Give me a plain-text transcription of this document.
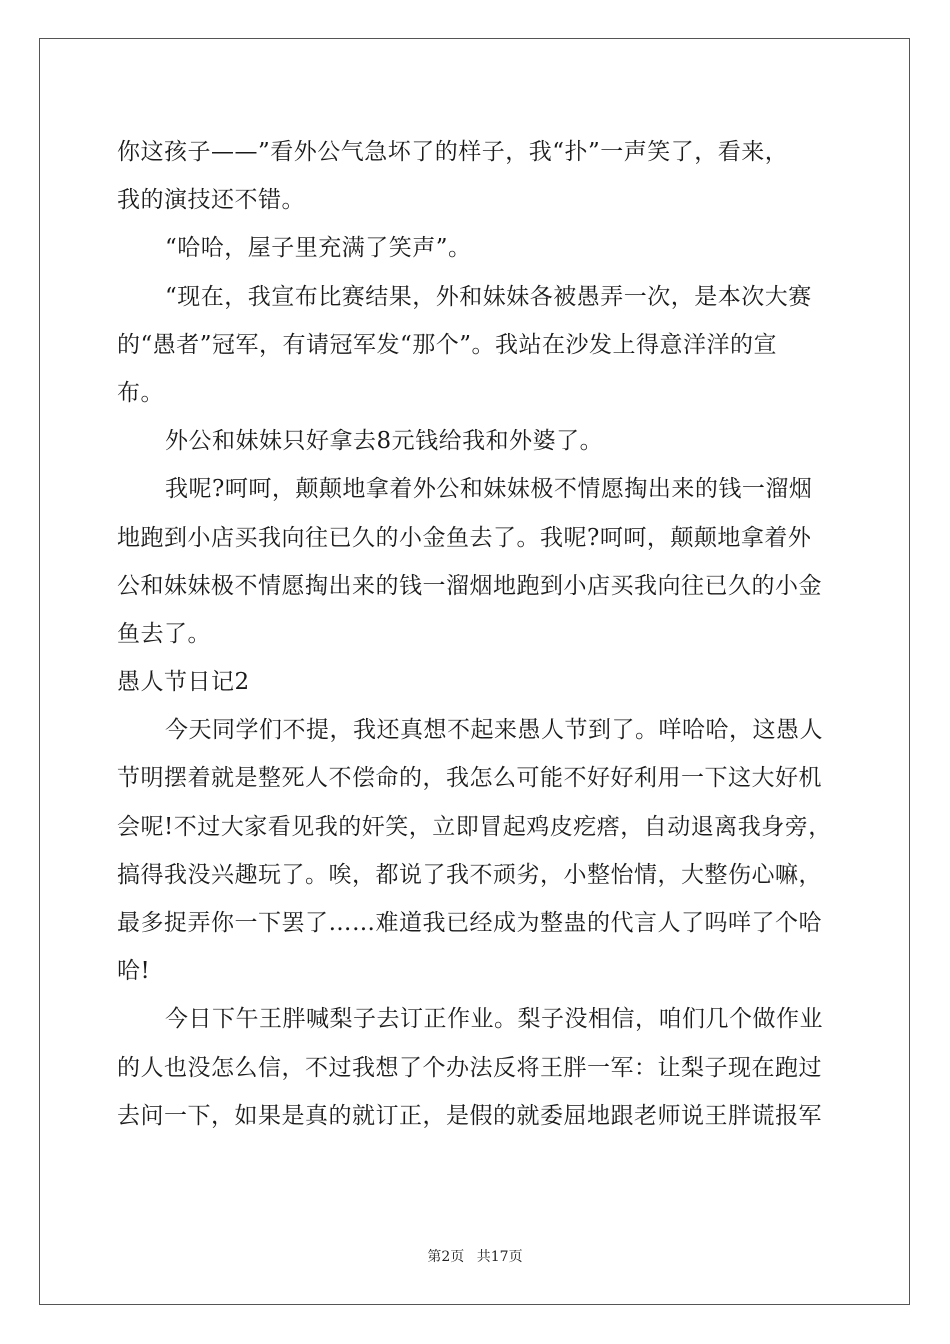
你这孩子——”看外公气急坏了的样子，我“扑”一声笑了，看来，
我的演技还不错。
“哈哈，屋子里充满了笑声”。
“现在，我宣布比赛结果，外和妹妹各被愚弄一次，是本次大赛
的“愚者”冠军，有请冠军发“那个”。我站在沙发上得意洋洋的宣
布。
外公和妹妹只好拿去8元钱给我和外婆了。
我呢?呵呵，颠颠地拿着外公和妹妹极不情愿掏出来的钱一溜烟
地跑到小店买我向往已久的小金鱼去了。我呢?呵呵，颠颠地拿着外
公和妹妹极不情愿掏出来的钱一溜烟地跑到小店买我向往已久的小金
鱼去了。
愚人节日记2
今天同学们不提，我还真想不起来愚人节到了。咩哈哈，这愚人
节明摆着就是整死人不偿命的，我怎么可能不好好利用一下这大好机
会呢!不过大家看见我的奸笑，立即冒起鸡皮疙瘩，自动退离我身旁，
搞得我没兴趣玩了。唉，都说了我不顽劣，小整怡情，大整伤心嘛，
最多捉弄你一下罢了……难道我已经成为整蛊的代言人了吗咩了个哈
哈!
今日下午王胖喊梨子去订正作业。梨子没相信，咱们几个做作业
的人也没怎么信，不过我想了个办法反将王胖一军：让梨子现在跑过
去问一下，如果是真的就订正，是假的就委屈地跟老师说王胖谎报军
第2页 共17页
